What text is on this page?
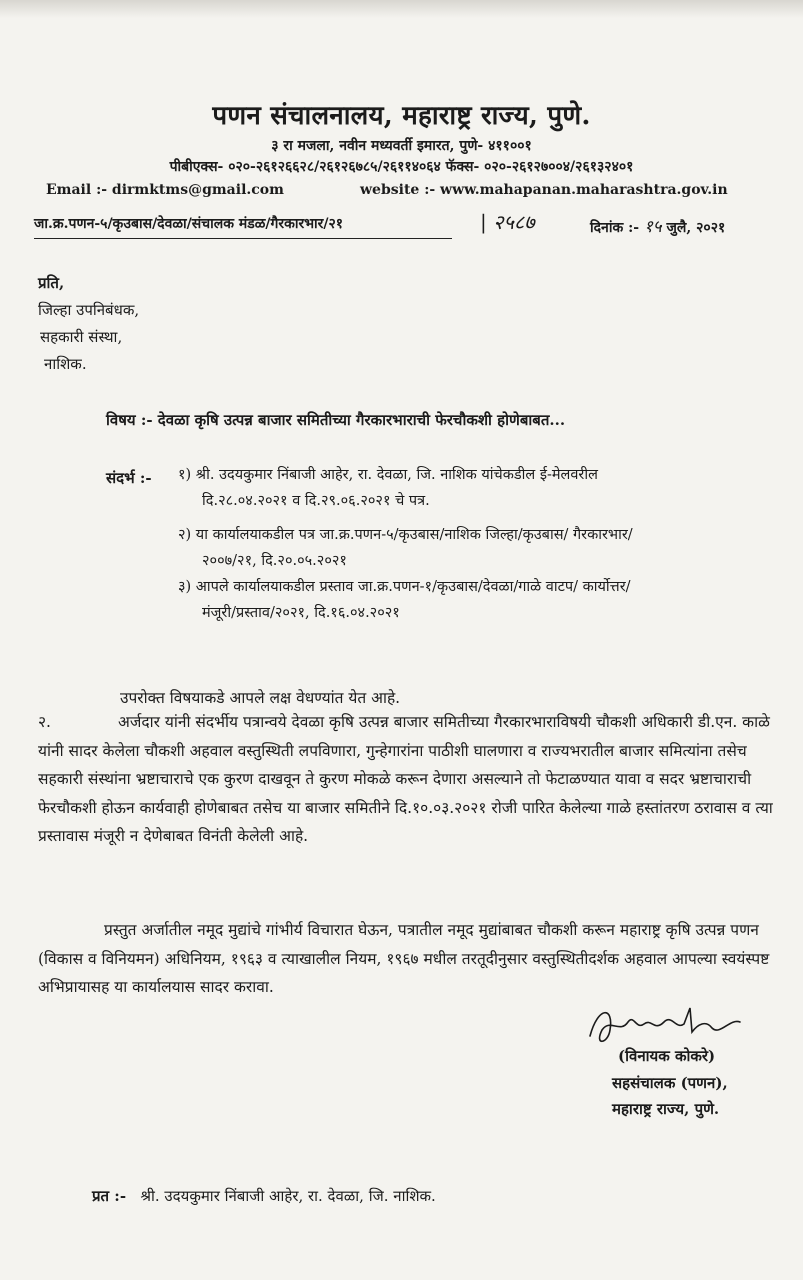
पणन संचालनालय, महाराष्ट्र राज्य, पुणे.
३ रा मजला, नवीन मध्यवर्ती इमारत, पुणे- ४११००१
पीबीएक्स- ०२०-२६१२६६२८/२६१२६७८५/२६११४०६४ फॅक्स- ०२०-२६१२७००४/२६१३२४०१
Email :- dirmktms@gmail.com	website :- www.mahapanan.maharashtra.gov.in
जा.क्र.पणन-५/कृउबास/देवळा/संचालक मंडळ/गैरकारभार/२१	| २५८७	दिनांक :- १५ जुलै, २०२१
प्रति,
जिल्हा उपनिबंधक,
सहकारी संस्था,
नाशिक.
विषय :- देवळा कृषि उत्पन्न बाजार समितीच्या गैरकारभाराची फेरचौकशी होणेबाबत...
संदर्भ :- १) श्री. उदयकुमार निंबाजी आहेर, रा. देवळा, जि. नाशिक यांचेकडील ई-मेलवरील
दि.२८.०४.२०२१ व दि.२९.०६.२०२१ चे पत्र.
२) या कार्यालयाकडील पत्र जा.क्र.पणन-५/कृउबास/नाशिक जिल्हा/कृउबास/ गैरकारभार/
२००७/२१, दि.२०.०५.२०२१
३) आपले कार्यालयाकडील प्रस्ताव जा.क्र.पणन-१/कृउबास/देवळा/गाळे वाटप/ कार्योत्तर/
मंजूरी/प्रस्ताव/२०२१, दि.१६.०४.२०२१
उपरोक्त विषयाकडे आपले लक्ष वेधण्यांत येत आहे.
२.	अर्जदार यांनी संदर्भीय पत्रान्वये देवळा कृषि उत्पन्न बाजार समितीच्या गैरकारभाराविषयी चौकशी अधिकारी डी.एन. काळे यांनी सादर केलेला चौकशी अहवाल वस्तुस्थिती लपविणारा, गुन्हेगारांना पाठीशी घालणारा व राज्यभरातील बाजार समित्यांना तसेच सहकारी संस्थांना भ्रष्टाचाराचे एक कुरण दाखवून ते कुरण मोकळे करून देणारा असल्याने तो फेटाळण्यात यावा व सदर भ्रष्टाचाराची फेरचौकशी होऊन कार्यवाही होणेबाबत तसेच या बाजार समितीने दि.१०.०३.२०२१ रोजी पारित केलेल्या गाळे हस्तांतरण ठरावास व त्या प्रस्तावास मंजूरी न देणेबाबत विनंती केलेली आहे.
प्रस्तुत अर्जातील नमूद मुद्यांचे गांभीर्य विचारात घेऊन, पत्रातील नमूद मुद्यांबाबत चौकशी करून महाराष्ट्र कृषि उत्पन्न पणन (विकास व विनियमन) अधिनियम, १९६३ व त्याखालील नियम, १९६७ मधील तरतूदीनुसार वस्तुस्थितीदर्शक अहवाल आपल्या स्वयंस्पष्ट अभिप्रायासह या कार्यालयास सादर करावा.
(विनायक कोकरे)
सहसंचालक (पणन),
महाराष्ट्र राज्य, पुणे.
प्रत :- श्री. उदयकुमार निंबाजी आहेर, रा. देवळा, जि. नाशिक.
